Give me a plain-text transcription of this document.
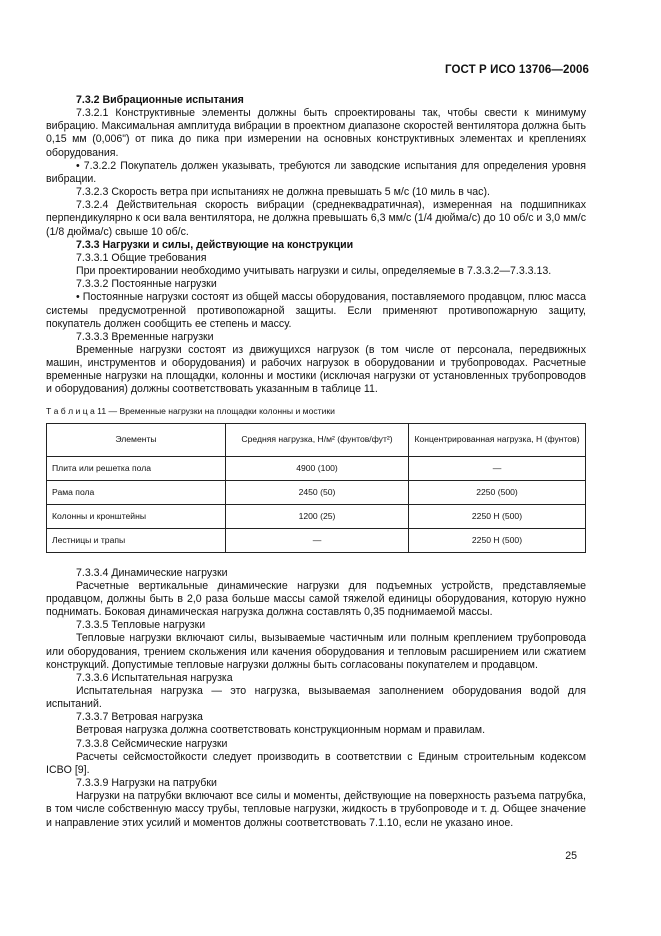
ГОСТ Р ИСО 13706—2006
7.3.2 Вибрационные испытания
7.3.2.1 Конструктивные элементы должны быть спроектированы так, чтобы свести к минимуму вибрацию. Максимальная амплитуда вибрации в проектном диапазоне скоростей вентилятора должна быть 0,15 мм (0,006") от пика до пика при измерении на основных конструктивных элементах и креплениях оборудования.
• 7.3.2.2 Покупатель должен указывать, требуются ли заводские испытания для определения уровня вибрации.
7.3.2.3 Скорость ветра при испытаниях не должна превышать 5 м/с (10 миль в час).
7.3.2.4 Действительная скорость вибрации (среднеквадратичная), измеренная на подшипниках перпендикулярно к оси вала вентилятора, не должна превышать 6,3 мм/с (1/4 дюйма/с) до 10 об/с и 3,0 мм/с (1/8 дюйма/с) свыше 10 об/с.
7.3.3 Нагрузки и силы, действующие на конструкции
7.3.3.1 Общие требования
При проектировании необходимо учитывать нагрузки и силы, определяемые в 7.3.3.2—7.3.3.13.
7.3.3.2 Постоянные нагрузки
• Постоянные нагрузки состоят из общей массы оборудования, поставляемого продавцом, плюс масса системы предусмотренной противопожарной защиты. Если применяют противопожарную защиту, покупатель должен сообщить ее степень и массу.
7.3.3.3 Временные нагрузки
Временные нагрузки состоят из движущихся нагрузок (в том числе от персонала, передвижных машин, инструментов и оборудования) и рабочих нагрузок в оборудовании и трубопроводах. Расчетные временные нагрузки на площадки, колонны и мостики (исключая нагрузки от установленных трубопроводов и оборудования) должны соответствовать указанным в таблице 11.
Т а б л и ц а 11 — Временные нагрузки на площадки колонны и мостики
Элементы	Средняя нагрузка, Н/м² (фунтов/фут²)	Концентрированная нагрузка, Н (фунтов)
Плита или решетка пола	4900 (100)	—
Рама пола	2450 (50)	2250 (500)
Колонны и кронштейны	1200 (25)	2250 Н (500)
Лестницы и трапы	—	2250 Н (500)
7.3.3.4 Динамические нагрузки
Расчетные вертикальные динамические нагрузки для подъемных устройств, представляемые продавцом, должны быть в 2,0 раза больше массы самой тяжелой единицы оборудования, которую нужно поднимать. Боковая динамическая нагрузка должна составлять 0,35 поднимаемой массы.
7.3.3.5 Тепловые нагрузки
Тепловые нагрузки включают силы, вызываемые частичным или полным креплением трубопровода или оборудования, трением скольжения или качения оборудования и тепловым расширением или сжатием конструкций. Допустимые тепловые нагрузки должны быть согласованы покупателем и продавцом.
7.3.3.6 Испытательная нагрузка
Испытательная нагрузка — это нагрузка, вызываемая заполнением оборудования водой для испытаний.
7.3.3.7 Ветровая нагрузка
Ветровая нагрузка должна соответствовать конструкционным нормам и правилам.
7.3.3.8 Сейсмические нагрузки
Расчеты сейсмостойкости следует производить в соответствии с Единым строительным кодексом ICBO [9].
7.3.3.9 Нагрузки на патрубки
Нагрузки на патрубки включают все силы и моменты, действующие на поверхность разъема патрубка, в том числе собственную массу трубы, тепловые нагрузки, жидкость в трубопроводе и т. д. Общее значение и направление этих усилий и моментов должны соответствовать 7.1.10, если не указано иное.
25
